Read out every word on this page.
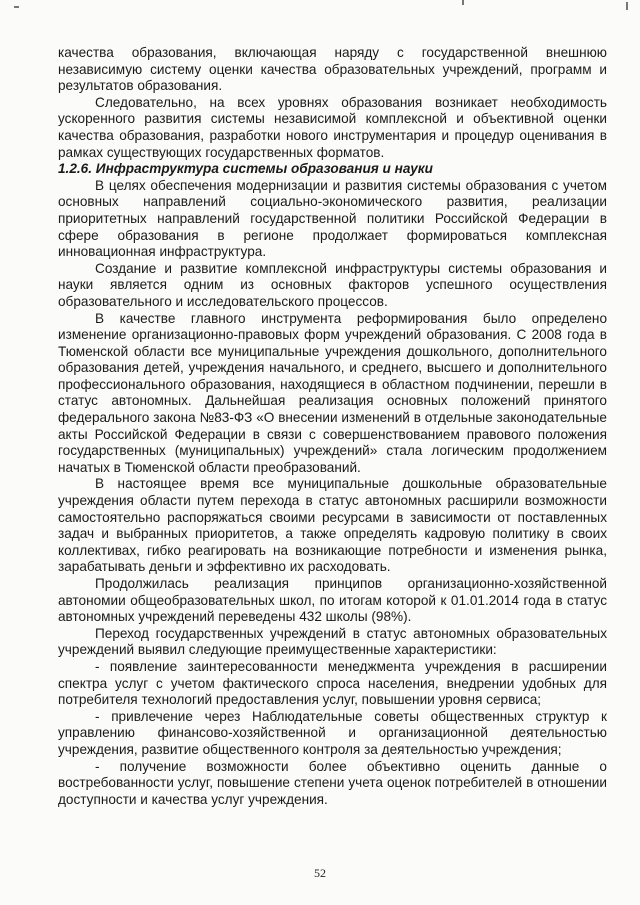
качества образования, включающая наряду с государственной внешнюю независимую систему оценки качества образовательных учреждений, программ и результатов образования.

Следовательно, на всех уровнях образования возникает необходимость ускоренного развития системы независимой комплексной и объективной оценки качества образования, разработки нового инструментария и процедур оценивания в рамках существующих государственных форматов.

1.2.6. Инфраструктура системы образования и науки

В целях обеспечения модернизации и развития системы образования с учетом основных направлений социально-экономического развития, реализации приоритетных направлений государственной политики Российской Федерации в сфере образования в регионе продолжает формироваться комплексная инновационная инфраструктура.

Создание и развитие комплексной инфраструктуры системы образования и науки является одним из основных факторов успешного осуществления образовательного и исследовательского процессов.

В качестве главного инструмента реформирования было определено изменение организационно-правовых форм учреждений образования. С 2008 года в Тюменской области все муниципальные учреждения дошкольного, дополнительного образования детей, учреждения начального, и среднего, высшего и дополнительного профессионального образования, находящиеся в областном подчинении, перешли в статус автономных. Дальнейшая реализация основных положений принятого федерального закона №83-ФЗ «О внесении изменений в отдельные законодательные акты Российской Федерации в связи с совершенствованием правового положения государственных (муниципальных) учреждений» стала логическим продолжением начатых в Тюменской области преобразований.

В настоящее время все муниципальные дошкольные образовательные учреждения области путем перехода в статус автономных расширили возможности самостоятельно распоряжаться своими ресурсами в зависимости от поставленных задач и выбранных приоритетов, а также определять кадровую политику в своих коллективах, гибко реагировать на возникающие потребности и изменения рынка, зарабатывать деньги и эффективно их расходовать.

Продолжилась реализация принципов организационно-хозяйственной автономии общеобразовательных школ, по итогам которой к 01.01.2014 года в статус автономных учреждений переведены 432 школы (98%).

Переход государственных учреждений в статус автономных образовательных учреждений выявил следующие преимущественные характеристики:

- появление заинтересованности менеджмента учреждения в расширении спектра услуг с учетом фактического спроса населения, внедрении удобных для потребителя технологий предоставления услуг, повышении уровня сервиса;

- привлечение через Наблюдательные советы общественных структур к управлению финансово-хозяйственной и организационной деятельностью учреждения, развитие общественного контроля за деятельностью учреждения;

- получение возможности более объективно оценить данные о востребованности услуг, повышение степени учета оценок потребителей в отношении доступности и качества услуг учреждения.

52
